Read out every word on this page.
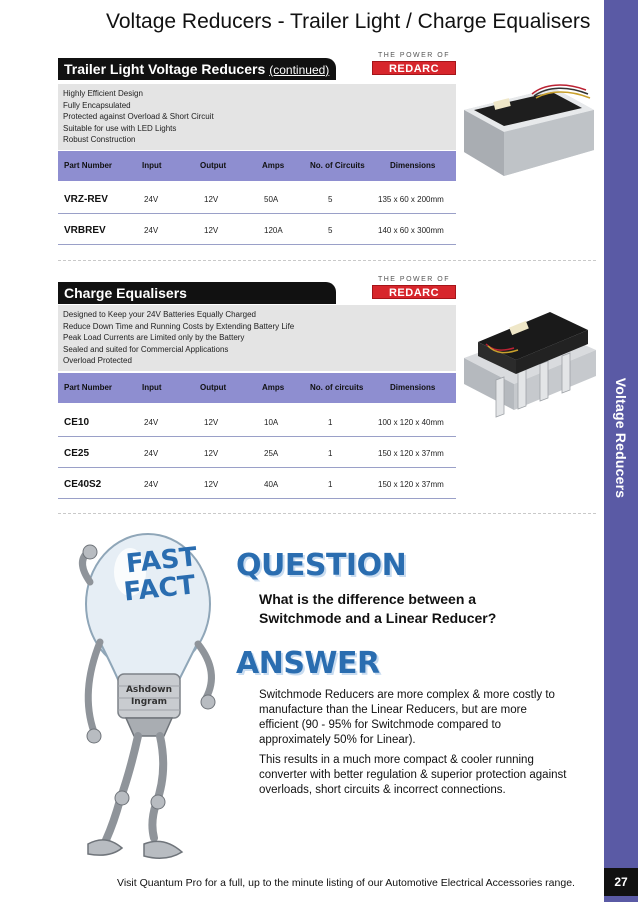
Voltage Reducers - Trailer Light / Charge Equalisers
Voltage Reducers
27
Trailer Light Voltage Reducers (continued)
THE POWER OF
REDARC
Highly Efficient Design
Fully Encapsulated
Protected against Overload & Short Circuit
Suitable for use with LED Lights
Robust Construction
Part Number	Input	Output	Amps	No. of Circuits	Dimensions
VRZ-REV	24V	12V	50A	5	135 x 60 x 200mm
VRBREV	24V	12V	120A	5	140 x 60 x 300mm
Charge Equalisers
THE POWER OF
REDARC
Designed to Keep your 24V Batteries Equally Charged
Reduce Down Time and Running Costs by Extending Battery Life
Peak Load Currents are Limited only by the Battery
Sealed and suited for Commercial Applications
Overload Protected
Part Number	Input	Output	Amps	No. of circuits	Dimensions
CE10	24V	12V	10A	1	100 x 120 x 40mm
CE25	24V	12V	25A	1	150 x 120 x 37mm
CE40S2	24V	12V	40A	1	150 x 120 x 37mm
FAST
FACT
Ashdown
Ingram
QUESTION
What is the difference between a Switchmode and a Linear Reducer?
ANSWER

Switchmode Reducers are more complex & more costly to manufacture than the Linear Reducers, but are more efficient (90 - 95% for Switchmode compared to approximately 50% for Linear).

This results in a much more compact & cooler running converter with better regulation & superior protection against overloads, short circuits & incorrect connections.

Visit Quantum Pro for a full, up to the minute listing of our Automotive Electrical Accessories range.
